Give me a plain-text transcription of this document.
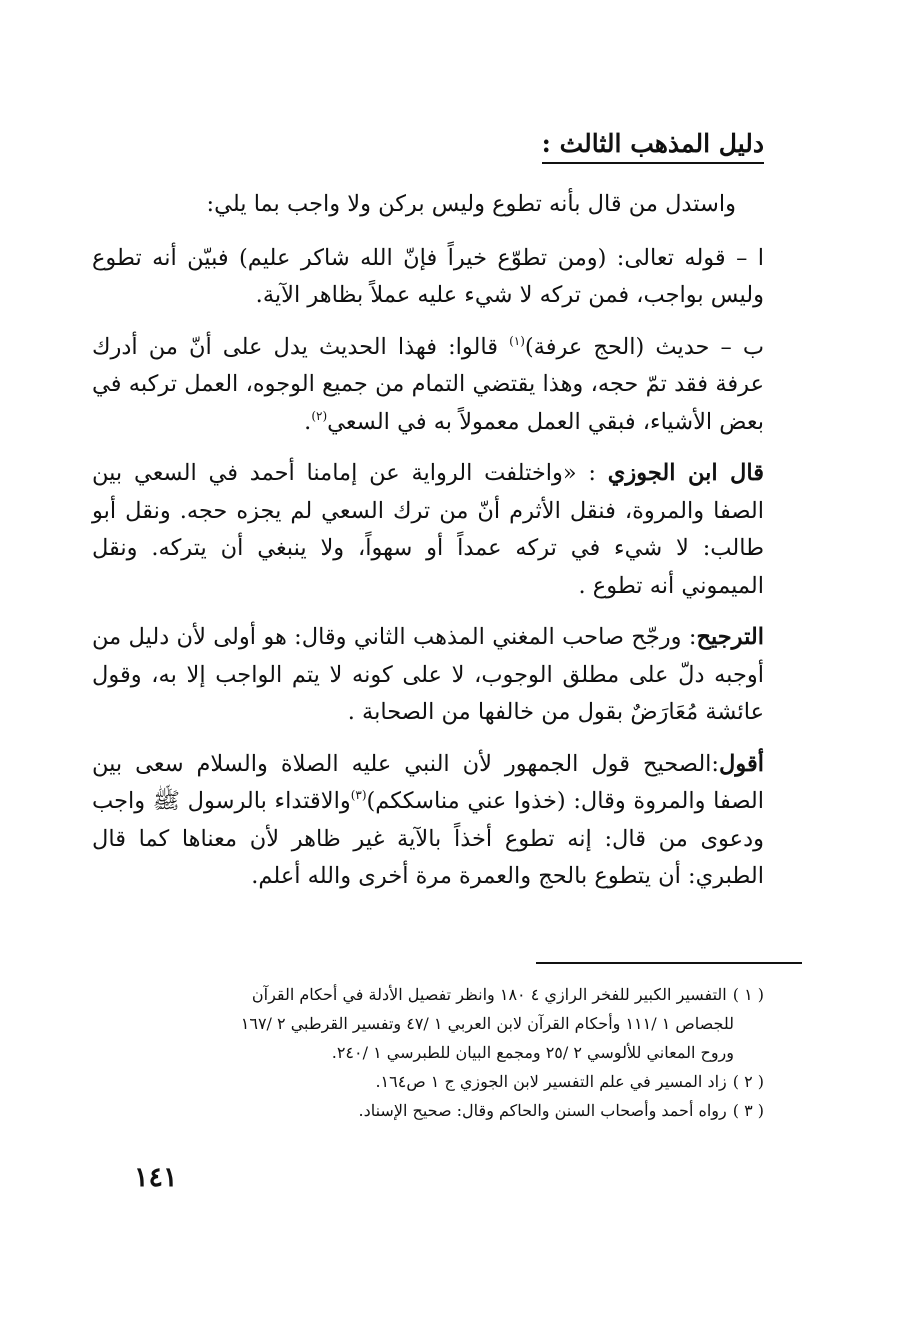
دليل المذهب الثالث :

واستدل من قال بأنه تطوع وليس بركن ولا واجب بما يلي:

ا – قوله تعالى: (ومن تطوّع خيراً فإنّ الله شاكر عليم) فبيّن أنه تطوع وليس بواجب، فمن تركه لا شيء عليه عملاً بظاهر الآية.

ب – حديث (الحج عرفة)$^{(١)}$ قالوا: فهذا الحديث يدل على أنّ من أدرك عرفة فقد تمّ حجه، وهذا يقتضي التمام من جميع الوجوه، العمل تركبه في بعض الأشياء، فبقي العمل معمولاً به في السعي$^{(٢)}$.

قال ابن الجوزي : «واختلفت الرواية عن إمامنا أحمد في السعي بين الصفا والمروة، فنقل الأثرم أنّ من ترك السعي لم يجزه حجه. ونقل أبو طالب: لا شيء في تركه عمداً أو سهواً، ولا ينبغي أن يتركه. ونقل الميموني أنه تطوع .

الترجيح: ورجّح صاحب المغني المذهب الثاني وقال: هو أولى لأن دليل من أوجبه دلّ على مطلق الوجوب، لا على كونه لا يتم الواجب إلا به، وقول عائشة مُعَارَضٌ بقول من خالفها من الصحابة .

أقول:الصحيح قول الجمهور لأن النبي عليه الصلاة والسلام سعى بين الصفا والمروة وقال: (خذوا عني مناسككم)$^{(٣)}$والاقتداء بالرسول ﷺ واجب ودعوى من قال: إنه تطوع أخذاً بالآية غير ظاهر لأن معناها كما قال الطبري: أن يتطوع بالحج والعمرة مرة أخرى والله أعلم.

( ١ )التفسير الكبير للفخر الرازي ٤ ١٨٠ وانظر تفصيل الأدلة في أحكام القرآن

للجصاص ١ /١١١ وأحكام القرآن لابن العربي ١ /٤٧ وتفسير القرطبي ٢ /١٦٧

وروح المعاني للألوسي ٢ /٢٥ ومجمع البيان للطبرسي ١ /٢٤٠.

( ٢ )زاد المسير في علم التفسير لابن الجوزي ج ١ ص١٦٤.

( ٣ )رواه أحمد وأصحاب السنن والحاكم وقال: صحيح الإسناد.

١٤١
